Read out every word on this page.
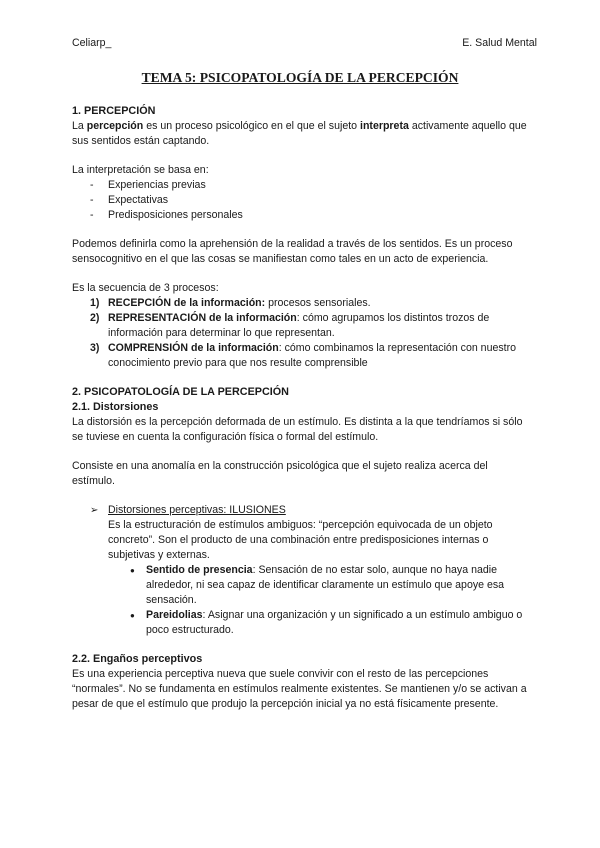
Celiarp_	E. Salud Mental
TEMA 5: PSICOPATOLOGÍA DE LA PERCEPCIÓN
1. PERCEPCIÓN

La percepción es un proceso psicológico en el que el sujeto interpreta activamente aquello que sus sentidos están captando.

La interpretación se basa en:

- Experiencias previas
- Expectativas
- Predisposiciones personales

Podemos definirla como la aprehensión de la realidad a través de los sentidos. Es un proceso sensocognitivo en el que las cosas se manifiestan como tales en un acto de experiencia.

Es la secuencia de 3 procesos:

1) RECEPCIÓN de la información: procesos sensoriales.
2) REPRESENTACIÓN de la información: cómo agrupamos los distintos trozos de información para determinar lo que representan.
3) COMPRENSIÓN de la información: cómo combinamos la representación con nuestro conocimiento previo para que nos resulte comprensible
2. PSICOPATOLOGÍA DE LA PERCEPCIÓN
2.1. Distorsiones

La distorsión es la percepción deformada de un estímulo. Es distinta a la que tendríamos si sólo se tuviese en cuenta la configuración física o formal del estímulo.

Consiste en una anomalía en la construcción psicológica que el sujeto realiza acerca del estímulo.

➢ Distorsiones perceptivas: ILUSIONES

Es la estructuración de estímulos ambiguos: “percepción equivocada de un objeto concreto”. Son el producto de una combinación entre predisposiciones internas o subjetivas y externas.

● Sentido de presencia: Sensación de no estar solo, aunque no haya nadie alrededor, ni sea capaz de identificar claramente un estímulo que apoye esa sensación.
● Pareidolias: Asignar una organización y un significado a un estímulo ambiguo o poco estructurado.
2.2. Engaños perceptivos

Es una experiencia perceptiva nueva que suele convivir con el resto de las percepciones “normales”. No se fundamenta en estímulos realmente existentes. Se mantienen y/o se activan a pesar de que el estímulo que produjo la percepción inicial ya no está físicamente presente.
